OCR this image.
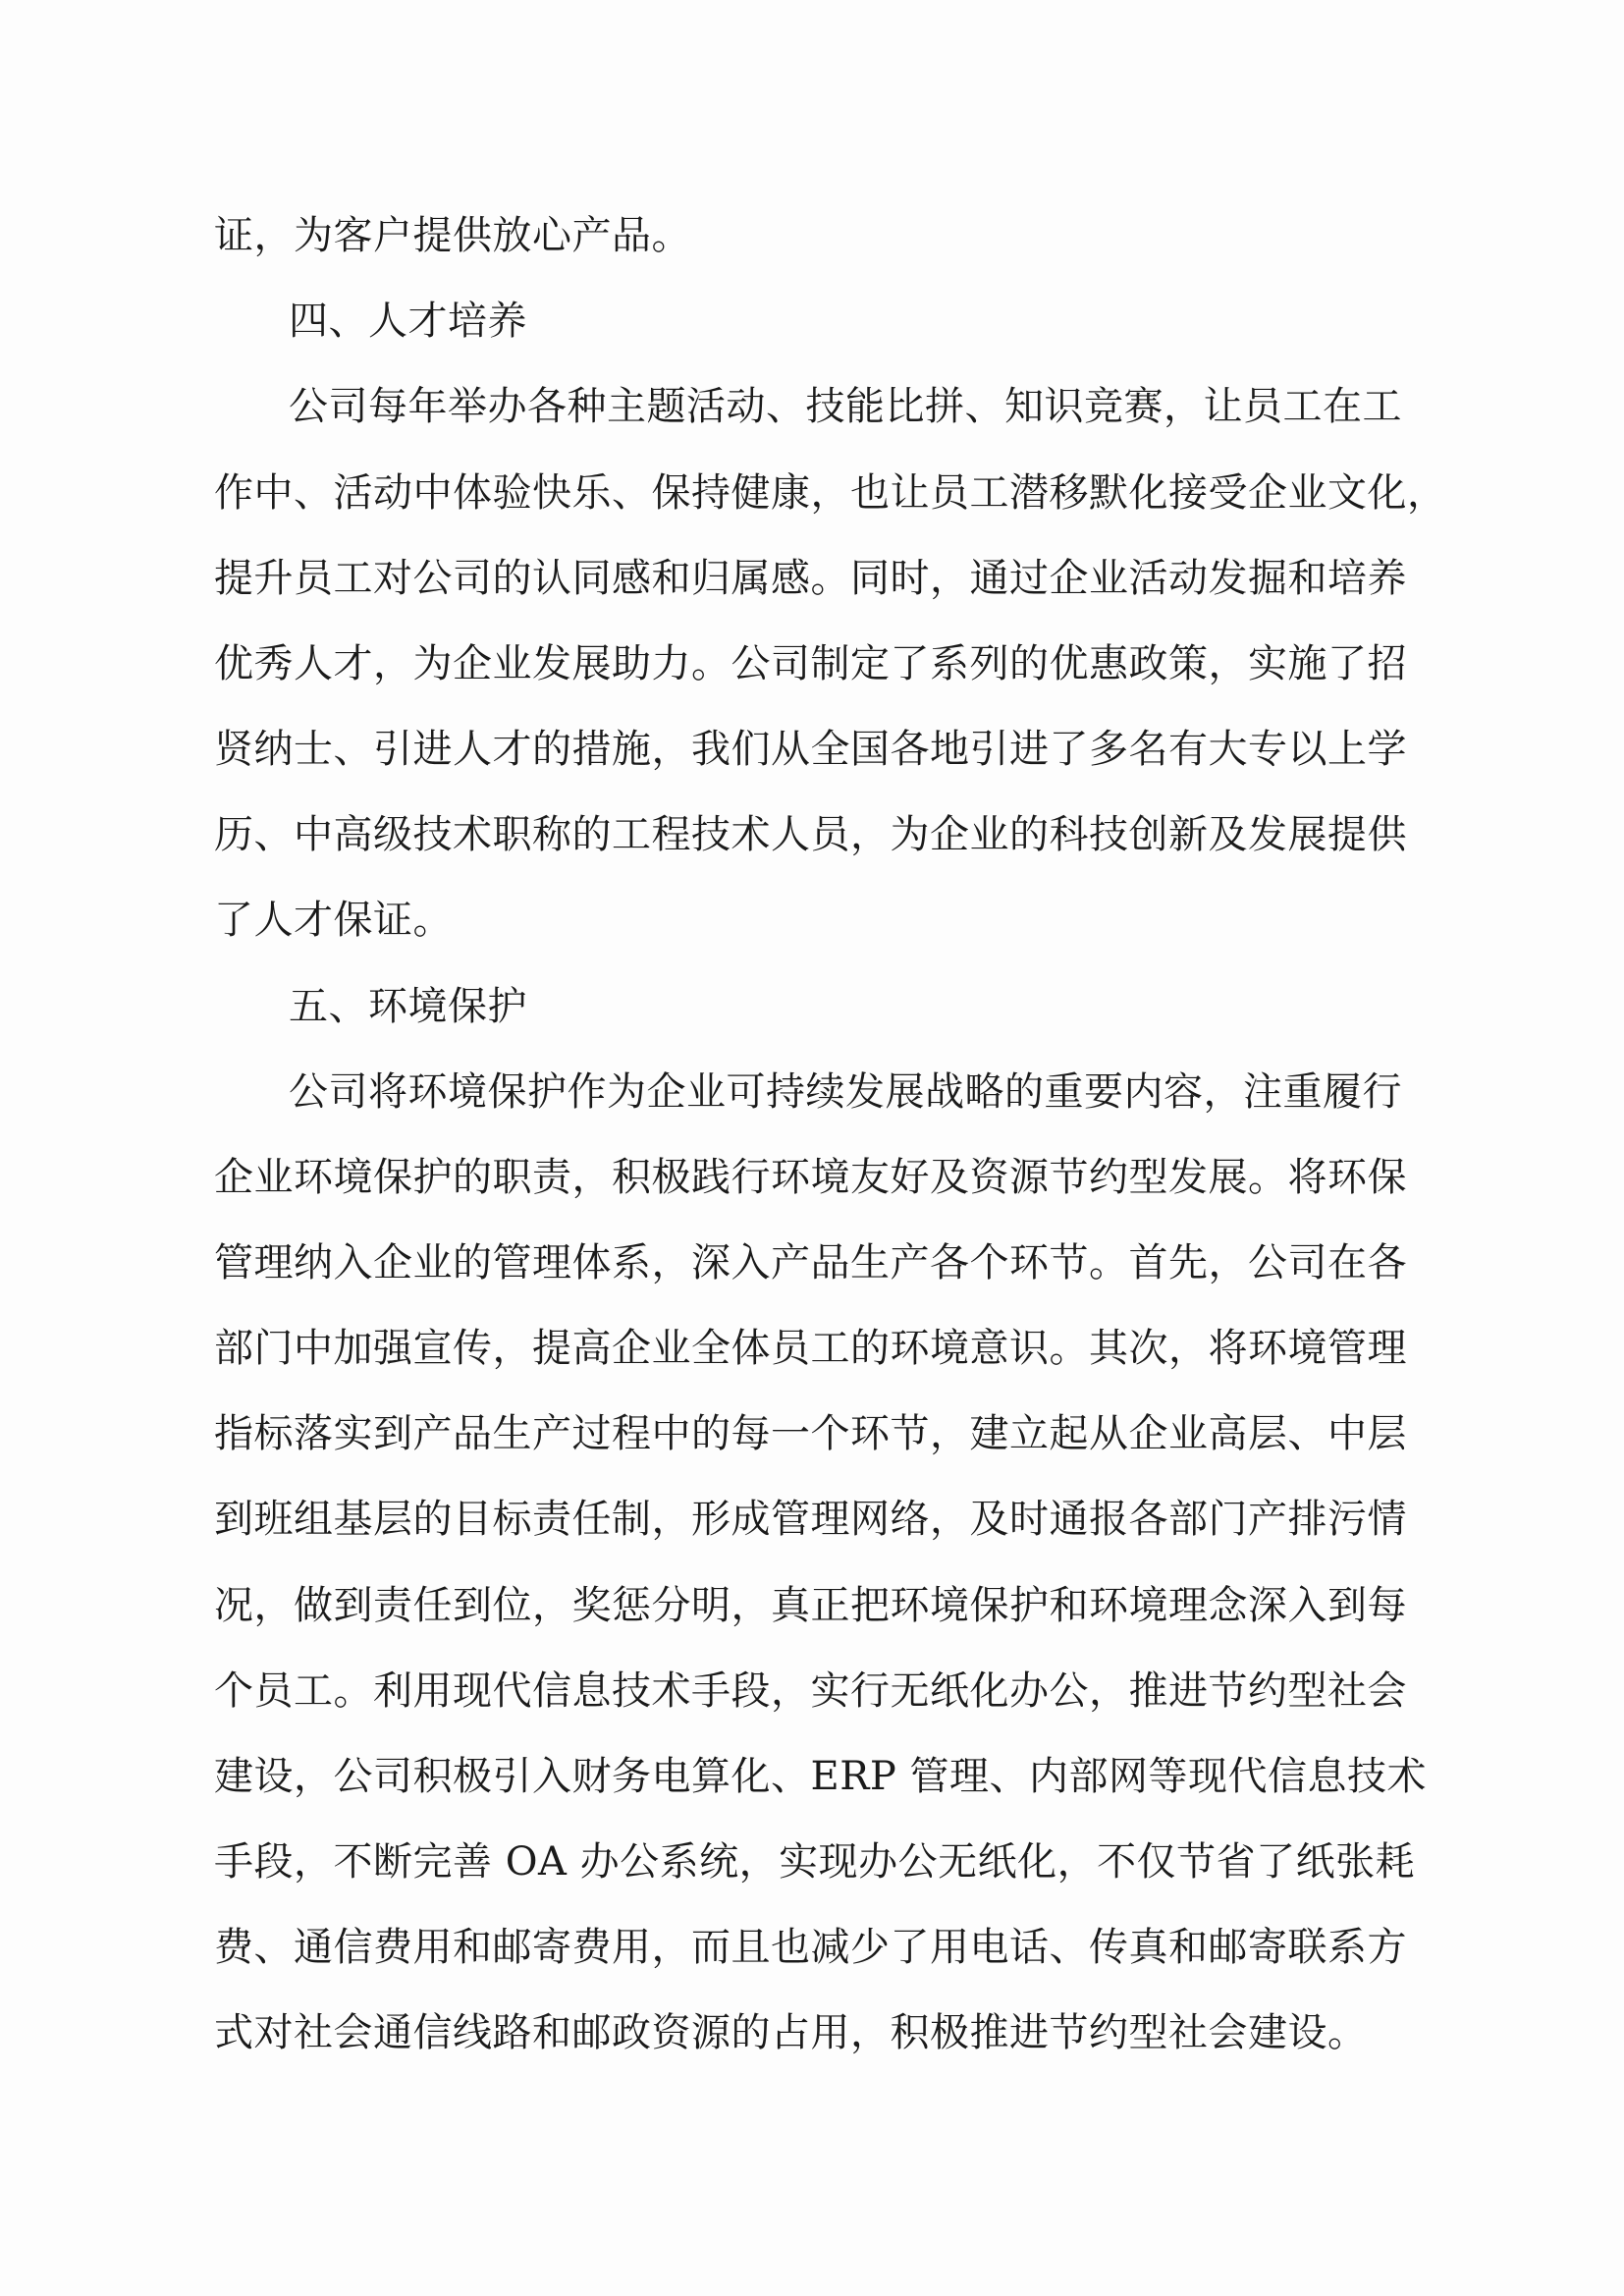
证，为客户提供放心产品。
四、人才培养
公司每年举办各种主题活动、技能比拼、知识竞赛，让员工在工
作中、活动中体验快乐、保持健康，也让员工潜移默化接受企业文化，
提升员工对公司的认同感和归属感。同时，通过企业活动发掘和培养
优秀人才，为企业发展助力。公司制定了系列的优惠政策，实施了招
贤纳士、引进人才的措施，我们从全国各地引进了多名有大专以上学
历、中高级技术职称的工程技术人员，为企业的科技创新及发展提供
了人才保证。
五、环境保护
公司将环境保护作为企业可持续发展战略的重要内容，注重履行
企业环境保护的职责，积极践行环境友好及资源节约型发展。将环保
管理纳入企业的管理体系，深入产品生产各个环节。首先，公司在各
部门中加强宣传，提高企业全体员工的环境意识。其次，将环境管理
指标落实到产品生产过程中的每一个环节，建立起从企业高层、中层
到班组基层的目标责任制，形成管理网络，及时通报各部门产排污情
况，做到责任到位，奖惩分明，真正把环境保护和环境理念深入到每
个员工。利用现代信息技术手段，实行无纸化办公，推进节约型社会
建设，公司积极引入财务电算化、ERP 管理、内部网等现代信息技术
手段，不断完善 OA 办公系统，实现办公无纸化，不仅节省了纸张耗
费、通信费用和邮寄费用，而且也减少了用电话、传真和邮寄联系方
式对社会通信线路和邮政资源的占用，积极推进节约型社会建设。
